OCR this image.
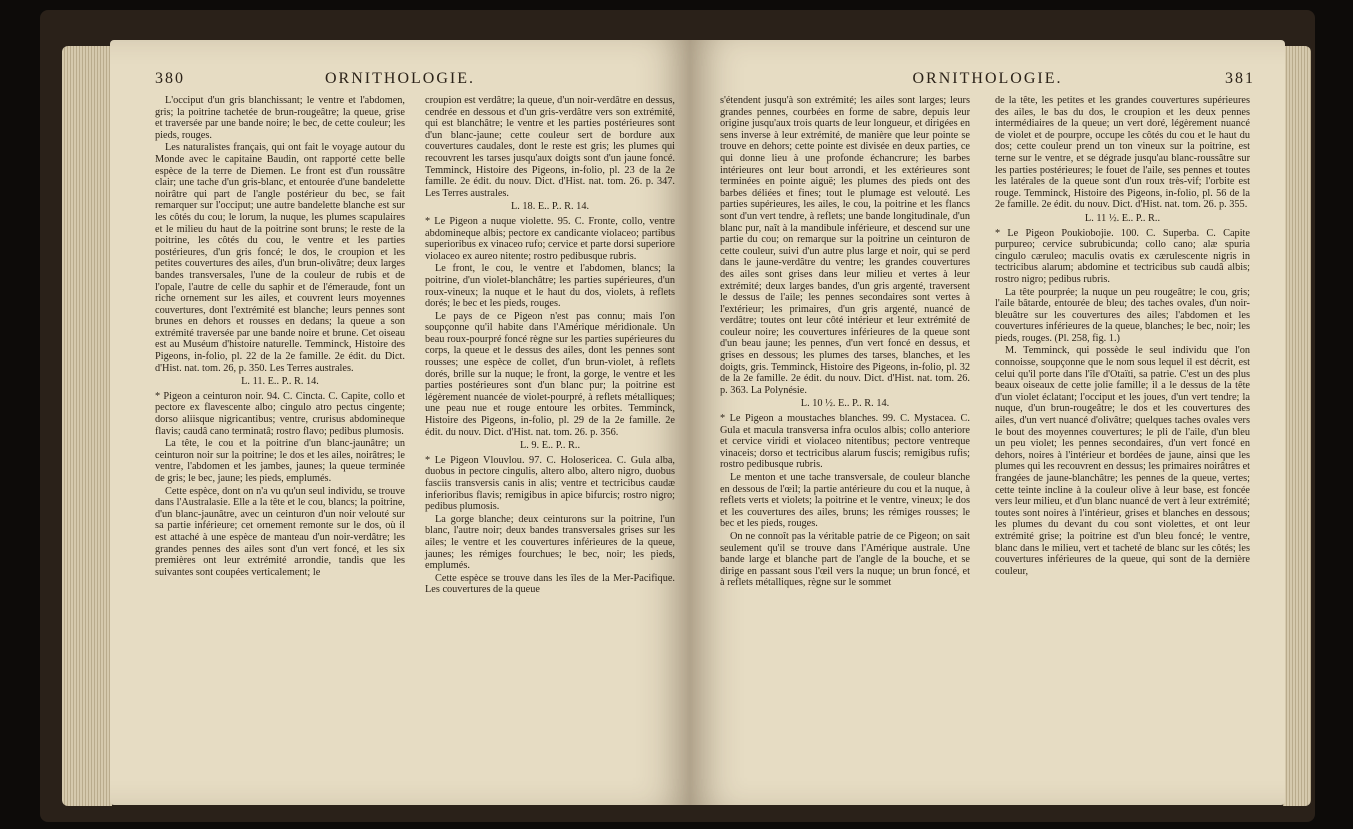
380	ORNITHOLOGIE.

L'occiput d'un gris blanchissant; le ventre et l'abdomen, gris; la poitrine tachetée de brun-rougeâtre; la queue, grise et traversée par une bande noire; le bec, de cette couleur; les pieds, rouges.

Les naturalistes français, qui ont fait le voyage autour du Monde avec le capitaine Baudin, ont rapporté cette belle espèce de la terre de Diemen. Le front est d'un roussâtre clair; une tache d'un gris-blanc, et entourée d'une bandelette noirâtre qui part de l'angle postérieur du bec, se fait remarquer sur l'occiput; une autre bandelette blanche est sur les côtés du cou; le lorum, la nuque, les plumes scapulaires et le milieu du haut de la poitrine sont bruns; le reste de la poitrine, les côtés du cou, le ventre et les parties postérieures, d'un gris foncé; le dos, le croupion et les petites couvertures des ailes, d'un brun-olivâtre; deux larges bandes transversales, l'une de la couleur de rubis et de l'opale, l'autre de celle du saphir et de l'émeraude, font un riche ornement sur les ailes, et couvrent leurs moyennes couvertures, dont l'extrémité est blanche; leurs pennes sont brunes en dehors et rousses en dedans; la queue a son extrémité traversée par une bande noire et brune. Cet oiseau est au Muséum d'histoire naturelle. Temminck, Histoire des Pigeons, in-folio, pl. 22 de la 2e famille. 2e édit. du Dict. d'Hist. nat. tom. 26, p. 350. Les Terres australes.

L. 11. E.. P.. R. 14.

* Pigeon a ceinturon noir. 94. C. Cincta. C. Capite, collo et pectore ex flavescente albo; cingulo atro pectus cingente; dorso aliisque nigricantibus; ventre, crurisus abdomineque flavis; caudâ cano terminatâ; rostro flavo; pedibus plumosis.

La tête, le cou et la poitrine d'un blanc-jaunâtre; un ceinturon noir sur la poitrine; le dos et les ailes, noirâtres; le ventre, l'abdomen et les jambes, jaunes; la queue terminée de gris; le bec, jaune; les pieds, emplumés.

Cette espèce, dont on n'a vu qu'un seul individu, se trouve dans l'Australasie. Elle a la tête et le cou, blancs; la poitrine, d'un blanc-jaunâtre, avec un ceinturon d'un noir velouté sur sa partie inférieure; cet ornement remonte sur le dos, où il est attaché à une espèce de manteau d'un noir-verdâtre; les grandes pennes des ailes sont d'un vert foncé, et les six premières ont leur extrémité arrondie, tandis que les suivantes sont coupées verticalement; le

croupion est verdâtre; la queue, d'un noir-verdâtre en dessus, cendrée en dessous et d'un gris-verdâtre vers son extrémité, qui est blanchâtre; le ventre et les parties postérieures sont d'un blanc-jaune; cette couleur sert de bordure aux couvertures caudales, dont le reste est gris; les plumes qui recouvrent les tarses jusqu'aux doigts sont d'un jaune foncé. Temminck, Histoire des Pigeons, in-folio, pl. 23 de la 2e famille. 2e édit. du nouv. Dict. d'Hist. nat. tom. 26. p. 347. Les Terres australes.

L. 18. E.. P.. R. 14.

* Le Pigeon a nuque violette. 95. C. Fronte, collo, ventre abdomineque albis; pectore ex candicante violaceo; partibus superioribus ex vinaceo rufo; cervice et parte dorsi superiore violaceo ex aureo nitente; rostro pedibusque rubris.

Le front, le cou, le ventre et l'abdomen, blancs; la poitrine, d'un violet-blanchâtre; les parties supérieures, d'un roux-vineux; la nuque et le haut du dos, violets, à reflets dorés; le bec et les pieds, rouges.

Le pays de ce Pigeon n'est pas connu; mais l'on soupçonne qu'il habite dans l'Amérique méridionale. Un beau roux-pourpré foncé règne sur les parties supérieures du corps, la queue et le dessus des ailes, dont les pennes sont rousses; une espèce de collet, d'un brun-violet, à reflets dorés, brille sur la nuque; le front, la gorge, le ventre et les parties postérieures sont d'un blanc pur; la poitrine est légèrement nuancée de violet-pourpré, à reflets métalliques; une peau nue et rouge entoure les orbites. Temminck, Histoire des Pigeons, in-folio, pl. 29 de la 2e famille. 2e édit. du nouv. Dict. d'Hist. nat. tom. 26. p. 356.

L. 9. E.. P.. R..

* Le Pigeon Vlouvlou. 97. C. Holosericea. C. Gula alba, duobus in pectore cingulis, altero albo, altero nigro, duobus fasciis transversis canis in alis; ventre et tectricibus caudæ inferioribus flavis; remigibus in apice bifurcis; rostro nigro; pedibus plumosis.

La gorge blanche; deux ceinturons sur la poitrine, l'un blanc, l'autre noir; deux bandes transversales grises sur les ailes; le ventre et les couvertures inférieures de la queue, jaunes; les rémiges fourchues; le bec, noir; les pieds, emplumés.

Cette espèce se trouve dans les îles de la Mer-Pacifique. Les couvertures de la queue

ORNITHOLOGIE.	381

s'étendent jusqu'à son extrémité; les ailes sont larges; leurs grandes pennes, courbées en forme de sabre, depuis leur origine jusqu'aux trois quarts de leur longueur, et dirigées en sens inverse à leur extrémité, de manière que leur pointe se trouve en dehors; cette pointe est divisée en deux parties, ce qui donne lieu à une profonde échancrure; les barbes intérieures ont leur bout arrondi, et les extérieures sont terminées en pointe aiguë; les plumes des pieds ont des barbes déliées et fines; tout le plumage est velouté. Les parties supérieures, les ailes, le cou, la poitrine et les flancs sont d'un vert tendre, à reflets; une bande longitudinale, d'un blanc pur, naît à la mandibule inférieure, et descend sur une partie du cou; on remarque sur la poitrine un ceinturon de cette couleur, suivi d'un autre plus large et noir, qui se perd dans le jaune-verdâtre du ventre; les grandes couvertures des ailes sont grises dans leur milieu et vertes à leur extrémité; deux larges bandes, d'un gris argenté, traversent le dessus de l'aile; les pennes secondaires sont vertes à l'extérieur; les primaires, d'un gris argenté, nuancé de verdâtre; toutes ont leur côté intérieur et leur extrémité de couleur noire; les couvertures inférieures de la queue sont d'un beau jaune; les pennes, d'un vert foncé en dessus, et grises en dessous; les plumes des tarses, blanches, et les doigts, gris. Temminck, Histoire des Pigeons, in-folio, pl. 32 de la 2e famille. 2e édit. du nouv. Dict. d'Hist. nat. tom. 26. p. 363. La Polynésie.

L. 10 ½. E.. P.. R. 14.

* Le Pigeon a moustaches blanches. 99. C. Mystacea. C. Gula et macula transversa infra oculos albis; collo anteriore et cervice viridi et violaceo nitentibus; pectore ventreque vinaceis; dorso et tectricibus alarum fuscis; remigibus rufis; rostro pedibusque rubris.

Le menton et une tache transversale, de couleur blanche en dessous de l'œil; la partie antérieure du cou et la nuque, à reflets verts et violets; la poitrine et le ventre, vineux; le dos et les couvertures des ailes, bruns; les rémiges rousses; le bec et les pieds, rouges.

On ne connoît pas la véritable patrie de ce Pigeon; on sait seulement qu'il se trouve dans l'Amérique australe. Une bande large et blanche part de l'angle de la bouche, et se dirige en passant sous l'œil vers la nuque; un brun foncé, et à reflets métalliques, règne sur le sommet

de la tête, les petites et les grandes couvertures supérieures des ailes, le bas du dos, le croupion et les deux pennes intermédiaires de la queue; un vert doré, légèrement nuancé de violet et de pourpre, occupe les côtés du cou et le haut du dos; cette couleur prend un ton vineux sur la poitrine, est terne sur le ventre, et se dégrade jusqu'au blanc-roussâtre sur les parties postérieures; le fouet de l'aile, ses pennes et toutes les latérales de la queue sont d'un roux très-vif; l'orbite est rouge. Temminck, Histoire des Pigeons, in-folio, pl. 56 de la 2e famille. 2e édit. du nouv. Dict. d'Hist. nat. tom. 26. p. 355.

L. 11 ½. E.. P.. R..

* Le Pigeon Poukiobojie. 100. C. Superba. C. Capite purpureo; cervice subrubicunda; collo cano; alæ spuria cingulo cæruleo; maculis ovatis ex cærulescente nigris in tectricibus alarum; abdomine et tectricibus sub caudâ albis; rostro nigro; pedibus rubris.

La tête pourprée; la nuque un peu rougeâtre; le cou, gris; l'aile bâtarde, entourée de bleu; des taches ovales, d'un noir-bleuâtre sur les couvertures des ailes; l'abdomen et les couvertures inférieures de la queue, blanches; le bec, noir; les pieds, rouges. (Pl. 258, fig. 1.)

M. Temminck, qui possède le seul individu que l'on connoisse, soupçonne que le nom sous lequel il est décrit, est celui qu'il porte dans l'île d'Otaïti, sa patrie. C'est un des plus beaux oiseaux de cette jolie famille; il a le dessus de la tête d'un violet éclatant; l'occiput et les joues, d'un vert tendre; la nuque, d'un brun-rougeâtre; le dos et les couvertures des ailes, d'un vert nuancé d'olivâtre; quelques taches ovales vers le bout des moyennes couvertures; le pli de l'aile, d'un bleu un peu violet; les pennes secondaires, d'un vert foncé en dehors, noires à l'intérieur et bordées de jaune, ainsi que les plumes qui les recouvrent en dessus; les primaires noirâtres et frangées de jaune-blanchâtre; les pennes de la queue, vertes; cette teinte incline à la couleur olive à leur base, est foncée vers leur milieu, et d'un blanc nuancé de vert à leur extrémité; toutes sont noires à l'intérieur, grises et blanches en dessous; les plumes du devant du cou sont violettes, et ont leur extrémité grise; la poitrine est d'un bleu foncé; le ventre, blanc dans le milieu, vert et tacheté de blanc sur les côtés; les couvertures inférieures de la queue, qui sont de la dernière couleur,
